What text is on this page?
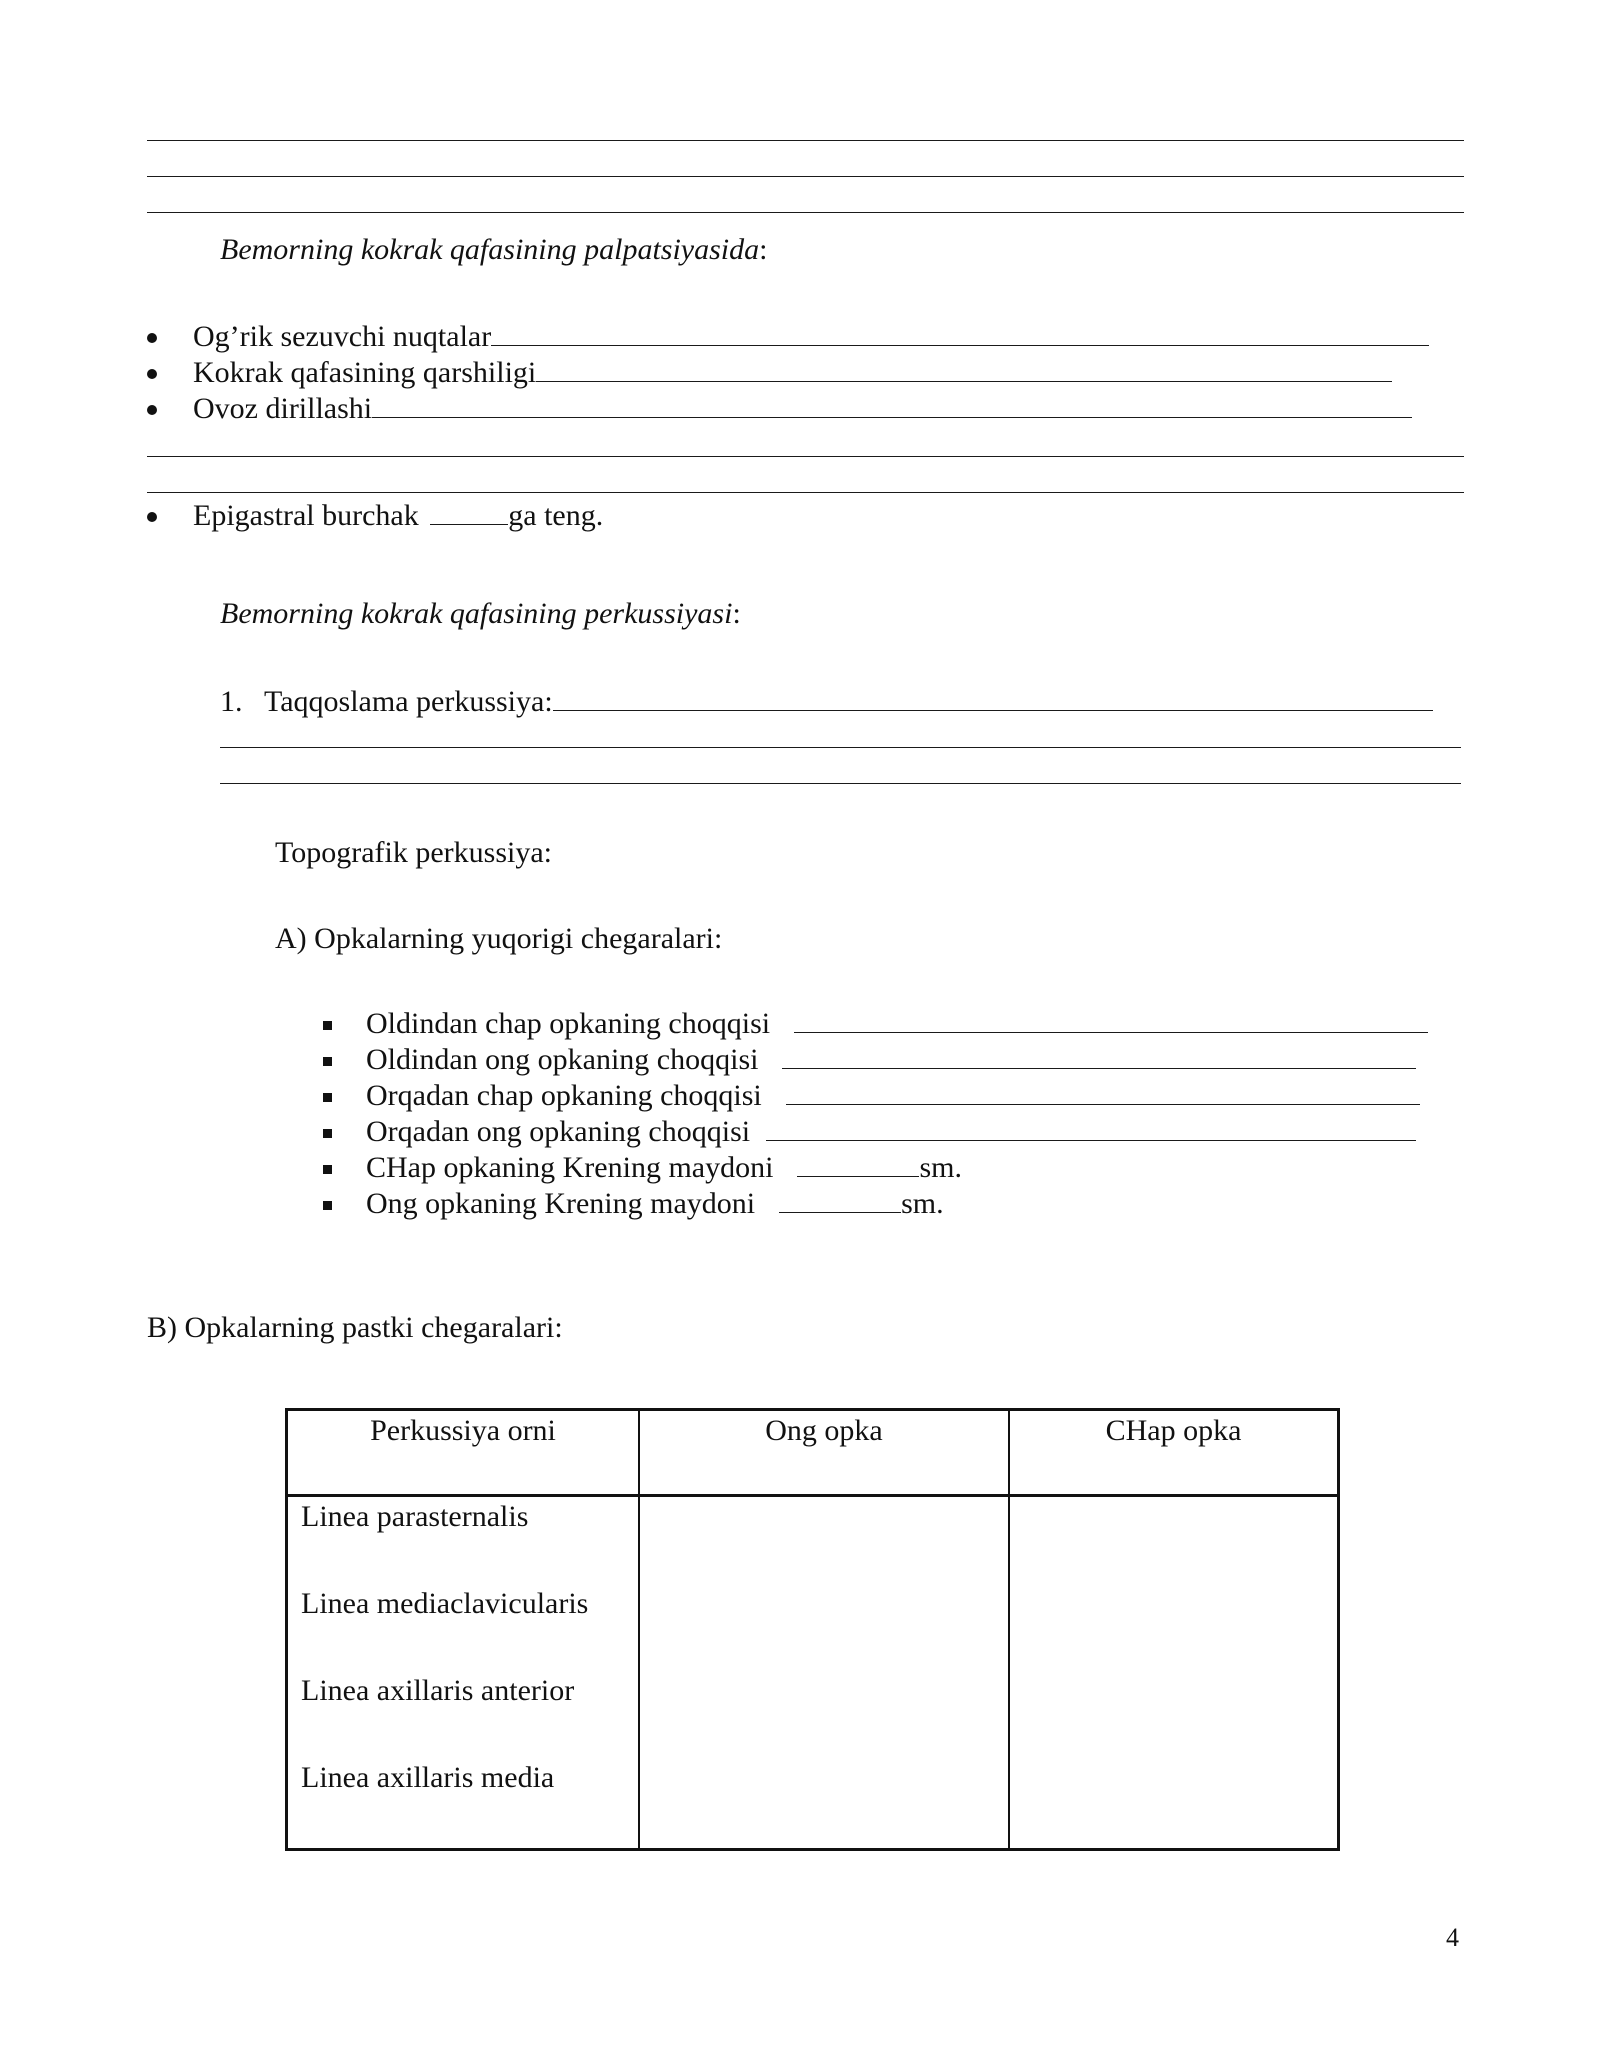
Bemorning kokrak qafasining palpatsiyasida:
Og’rik sezuvchi nuqtalar
Kokrak qafasining qarshiligi
Ovoz dirillashi
Epigastral burchak	ga teng.
Bemorning kokrak qafasining perkussiyasi:
1. Taqqoslama perkussiya:
Topografik perkussiya:
A) Opkalarning yuqorigi chegaralari:
Oldindan chap opkaning choqqisi
Oldindan ong opkaning choqqisi
Orqadan chap opkaning choqqisi
Orqadan ong opkaning choqqisi
CHap opkaning Krening maydoni	sm.
Ong opkaning Krening maydoni	sm.
B) Opkalarning pastki chegaralari:
Perkussiya orni	Ong opka	CHap opka

Linea parasternalis
Linea mediaclavicularis
Linea axillaris anterior
Linea axillaris media		

4
